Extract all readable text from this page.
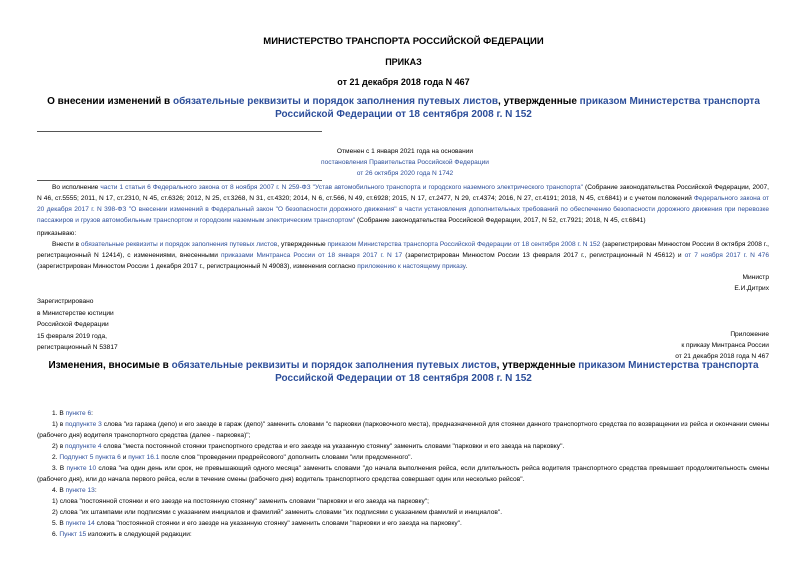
МИНИСТЕРСТВО ТРАНСПОРТА РОССИЙСКОЙ ФЕДЕРАЦИИ
ПРИКАЗ
от 21 декабря 2018 года N 467
О внесении изменений в обязательные реквизиты и порядок заполнения путевых листов, утвержденные приказом Министерства транспорта Российской Федерации от 18 сентября 2008 г. N 152
Отменен с 1 января 2021 года на основании
постановления Правительства Российской Федерации
от 26 октября 2020 года N 1742
Во исполнение части 1 статьи 6 Федерального закона от 8 ноября 2007 г. N 259-ФЗ "Устав автомобильного транспорта и городского наземного электрического транспорта" (Собрание законодательства Российской Федерации, 2007, N 46, ст.5555; 2011, N 17, ст.2310, N 45, ст.6326; 2012, N 25, ст.3268, N 31, ст.4320; 2014, N 6, ст.566, N 49, ст.6928; 2015, N 17, ст.2477, N 29, ст.4374; 2016, N 27, ст.4191; 2018, N 45, ст.6841) и с учетом положений Федерального закона от 20 декабря 2017 г. N 398-ФЗ "О внесении изменений в Федеральный закон "О безопасности дорожного движения" в части установления дополнительных требований по обеспечению безопасности дорожного движения при перевозке пассажиров и грузов автомобильным транспортом и городским наземным электрическим транспортом" (Собрание законодательства Российской Федерации, 2017, N 52, ст.7921; 2018, N 45, ст.6841)
приказываю:
Внести в обязательные реквизиты и порядок заполнения путевых листов, утвержденные приказом Министерства транспорта Российской Федерации от 18 сентября 2008 г. N 152 (зарегистрирован Минюстом России 8 октября 2008 г., регистрационный N 12414), с изменениями, внесенными приказами Минтранса России от 18 января 2017 г. N 17 (зарегистрирован Минюстом России 13 февраля 2017 г., регистрационный N 45612) и от 7 ноября 2017 г. N 476 (зарегистрирован Минюстом России 1 декабря 2017 г., регистрационный N 49083), изменения согласно приложению к настоящему приказу.
Министр
Е.И.Дитрих
Зарегистрировано
в Министерстве юстиции
Российской Федерации
15 февраля 2019 года,
регистрационный N 53817
Приложение
к приказу Минтранса России
от 21 декабря 2018 года N 467
Изменения, вносимые в обязательные реквизиты и порядок заполнения путевых листов, утвержденные приказом Министерства транспорта Российской Федерации от 18 сентября 2008 г. N 152
1. В пункте 6:
1) в подпункте 3 слова "из гаража (депо) и его заезде в гараж (депо)" заменить словами "с парковки (парковочного места), предназначенной для стоянки данного транспортного средства по возвращении из рейса и окончании смены (рабочего дня) водителя транспортного средства (далее - парковка)";
2) в подпункте 4 слова "места постоянной стоянки транспортного средства и его заезде на указанную стоянку" заменить словами "парковки и его заезда на парковку".
2. Подпункт 5 пункта 6 и пункт 16.1 после слов "проведении предрейсового" дополнить словами "или предсменного".
3. В пункте 10 слова "на один день или срок, не превышающий одного месяца" заменить словами "до начала выполнения рейса, если длительность рейса водителя транспортного средства превышает продолжительность смены (рабочего дня), или до начала первого рейса, если в течение смены (рабочего дня) водитель транспортного средства совершает один или несколько рейсов".
4. В пункте 13:
1) слова "постоянной стоянки и его заезде на постоянную стоянку" заменить словами "парковки и его заезда на парковку";
2) слова "их штампами или подписями с указанием инициалов и фамилий" заменить словами "их подписями с указанием фамилий и инициалов".
5. В пункте 14 слова "постоянной стоянки и его заезде на указанную стоянку" заменить словами "парковки и его заезда на парковку".
6. Пункт 15 изложить в следующей редакции:
